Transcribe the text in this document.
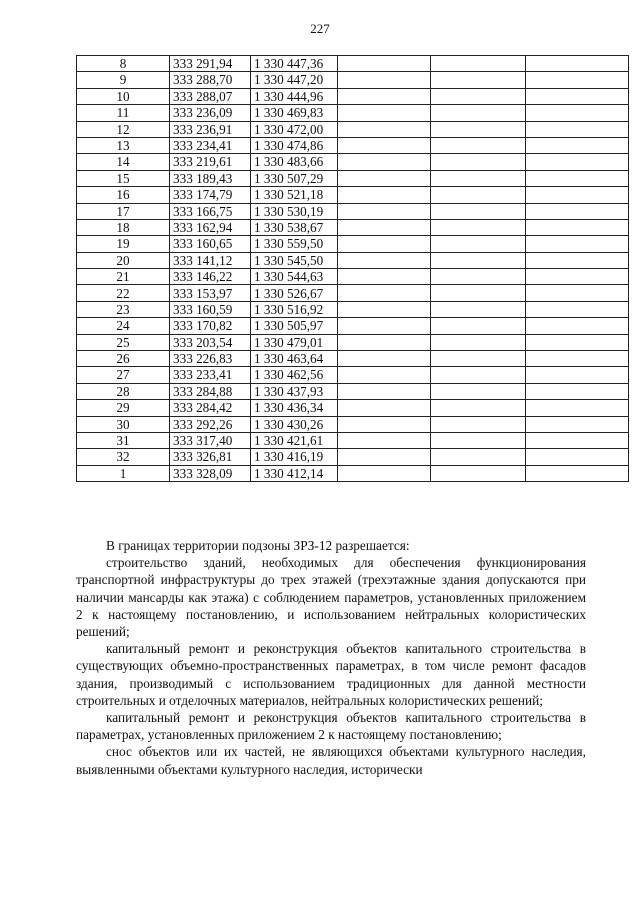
227
8	333 291,94	1 330 447,36			
9	333 288,70	1 330 447,20			
10	333 288,07	1 330 444,96			
11	333 236,09	1 330 469,83			
12	333 236,91	1 330 472,00			
13	333 234,41	1 330 474,86			
14	333 219,61	1 330 483,66			
15	333 189,43	1 330 507,29			
16	333 174,79	1 330 521,18			
17	333 166,75	1 330 530,19			
18	333 162,94	1 330 538,67			
19	333 160,65	1 330 559,50			
20	333 141,12	1 330 545,50			
21	333 146,22	1 330 544,63			
22	333 153,97	1 330 526,67			
23	333 160,59	1 330 516,92			
24	333 170,82	1 330 505,97			
25	333 203,54	1 330 479,01			
26	333 226,83	1 330 463,64			
27	333 233,41	1 330 462,56			
28	333 284,88	1 330 437,93			
29	333 284,42	1 330 436,34			
30	333 292,26	1 330 430,26			
31	333 317,40	1 330 421,61			
32	333 326,81	1 330 416,19			
1	333 328,09	1 330 412,14			

В границах территории подзоны ЗРЗ-12 разрешается:

строительство зданий, необходимых для обеспечения функционирования транспортной инфраструктуры до трех этажей (трехэтажные здания допускаются при наличии мансарды как этажа) с соблюдением параметров, установленных приложением 2 к настоящему постановлению, и использованием нейтральных колористических решений;

капитальный ремонт и реконструкция объектов капитального строительства в существующих объемно-пространственных параметрах, в том числе ремонт фасадов здания, производимый с использованием традиционных для данной местности строительных и отделочных материалов, нейтральных колористических решений;

капитальный ремонт и реконструкция объектов капитального строительства в параметрах, установленных приложением 2 к настоящему постановлению;

снос объектов или их частей, не являющихся объектами культурного наследия, выявленными объектами культурного наследия, исторически
